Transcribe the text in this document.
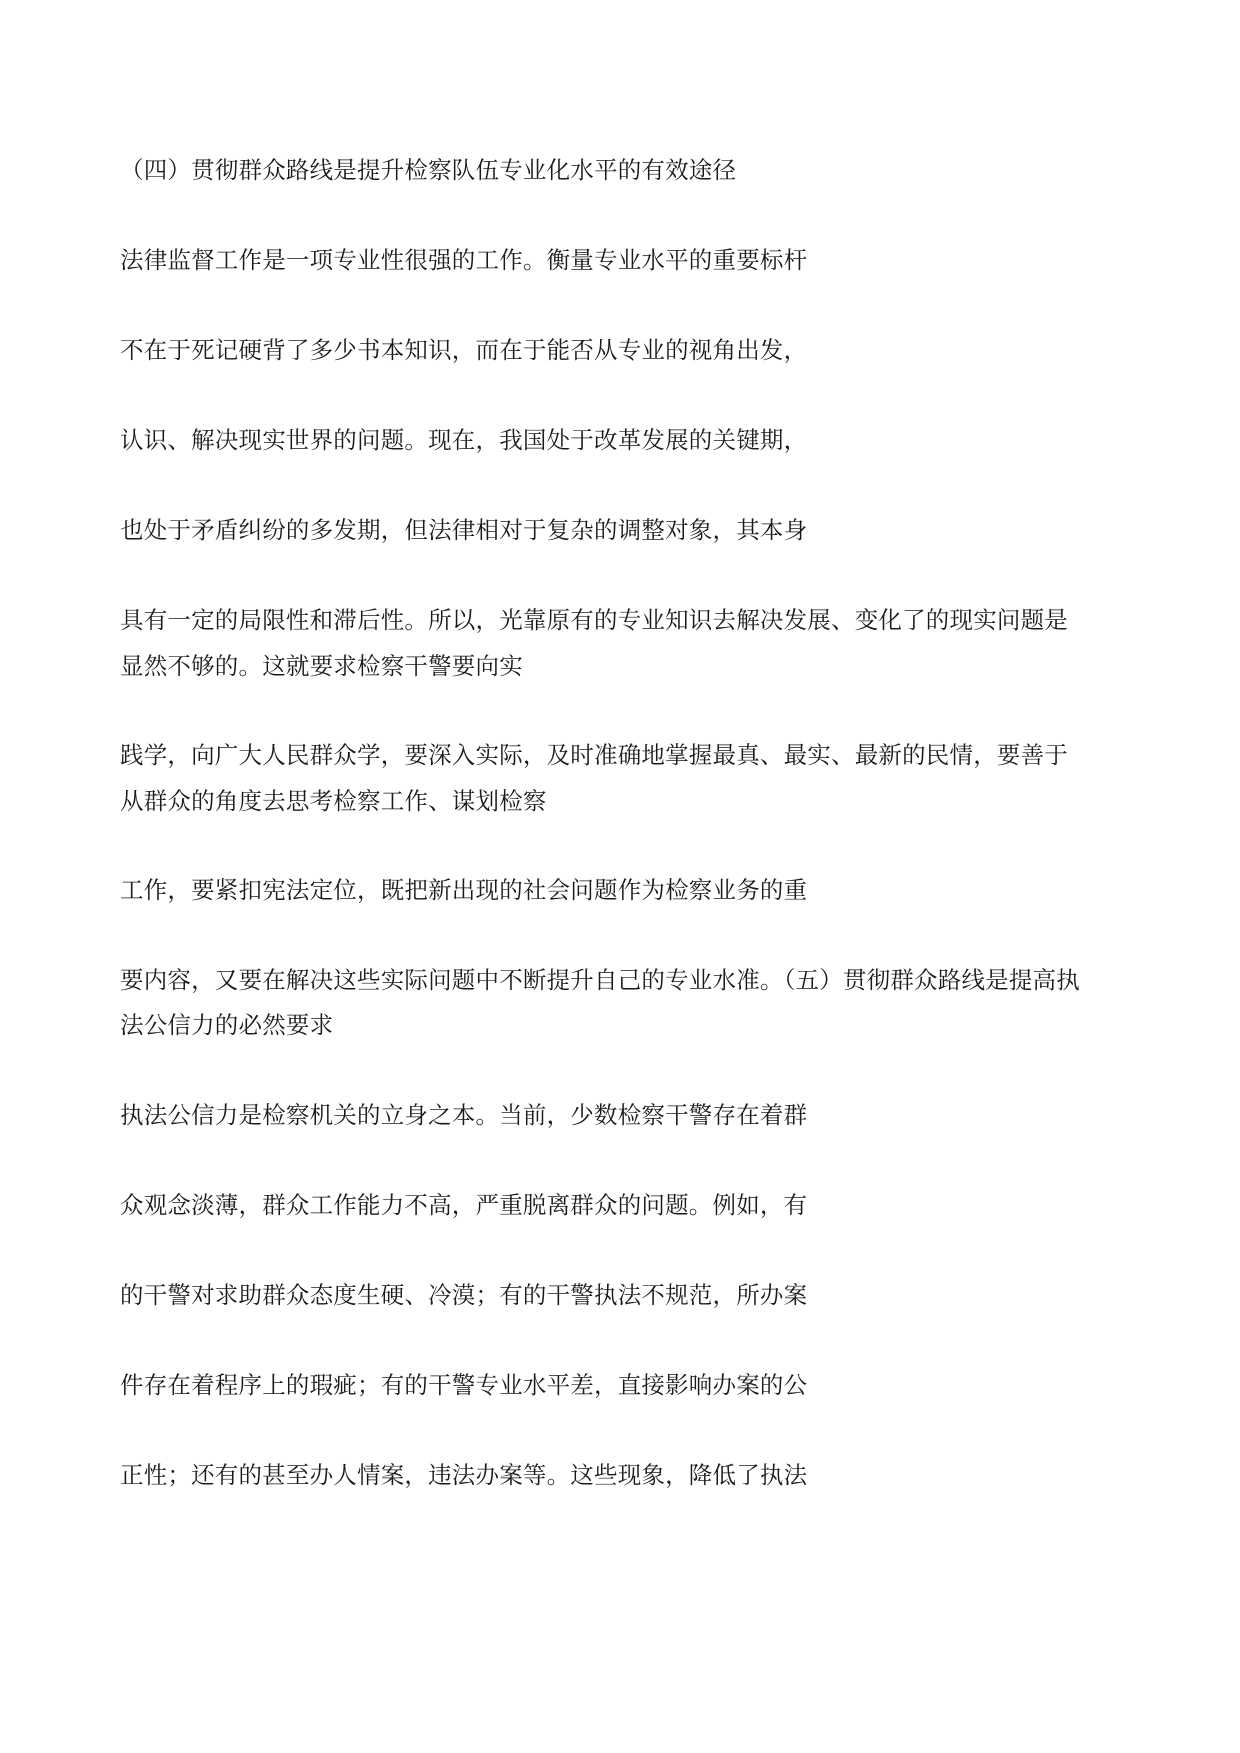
（四）贯彻群众路线是提升检察队伍专业化水平的有效途径
法律监督工作是一项专业性很强的工作。衡量专业水平的重要标杆
不在于死记硬背了多少书本知识，而在于能否从专业的视角出发，
认识、解决现实世界的问题。现在，我国处于改革发展的关键期，
也处于矛盾纠纷的多发期，但法律相对于复杂的调整对象，其本身
具有一定的局限性和滞后性。所以，光靠原有的专业知识去解决发展、变化了的现实问题是
显然不够的。这就要求检察干警要向实
践学，向广大人民群众学，要深入实际，及时准确地掌握最真、最实、最新的民情，要善于
从群众的角度去思考检察工作、谋划检察
工作，要紧扣宪法定位，既把新出现的社会问题作为检察业务的重
要内容，又要在解决这些实际问题中不断提升自己的专业水准。（五）贯彻群众路线是提高执
法公信力的必然要求
执法公信力是检察机关的立身之本。当前，少数检察干警存在着群
众观念淡薄，群众工作能力不高，严重脱离群众的问题。例如，有
的干警对求助群众态度生硬、冷漠；有的干警执法不规范，所办案
件存在着程序上的瑕疵；有的干警专业水平差，直接影响办案的公
正性；还有的甚至办人情案，违法办案等。这些现象，降低了执法
